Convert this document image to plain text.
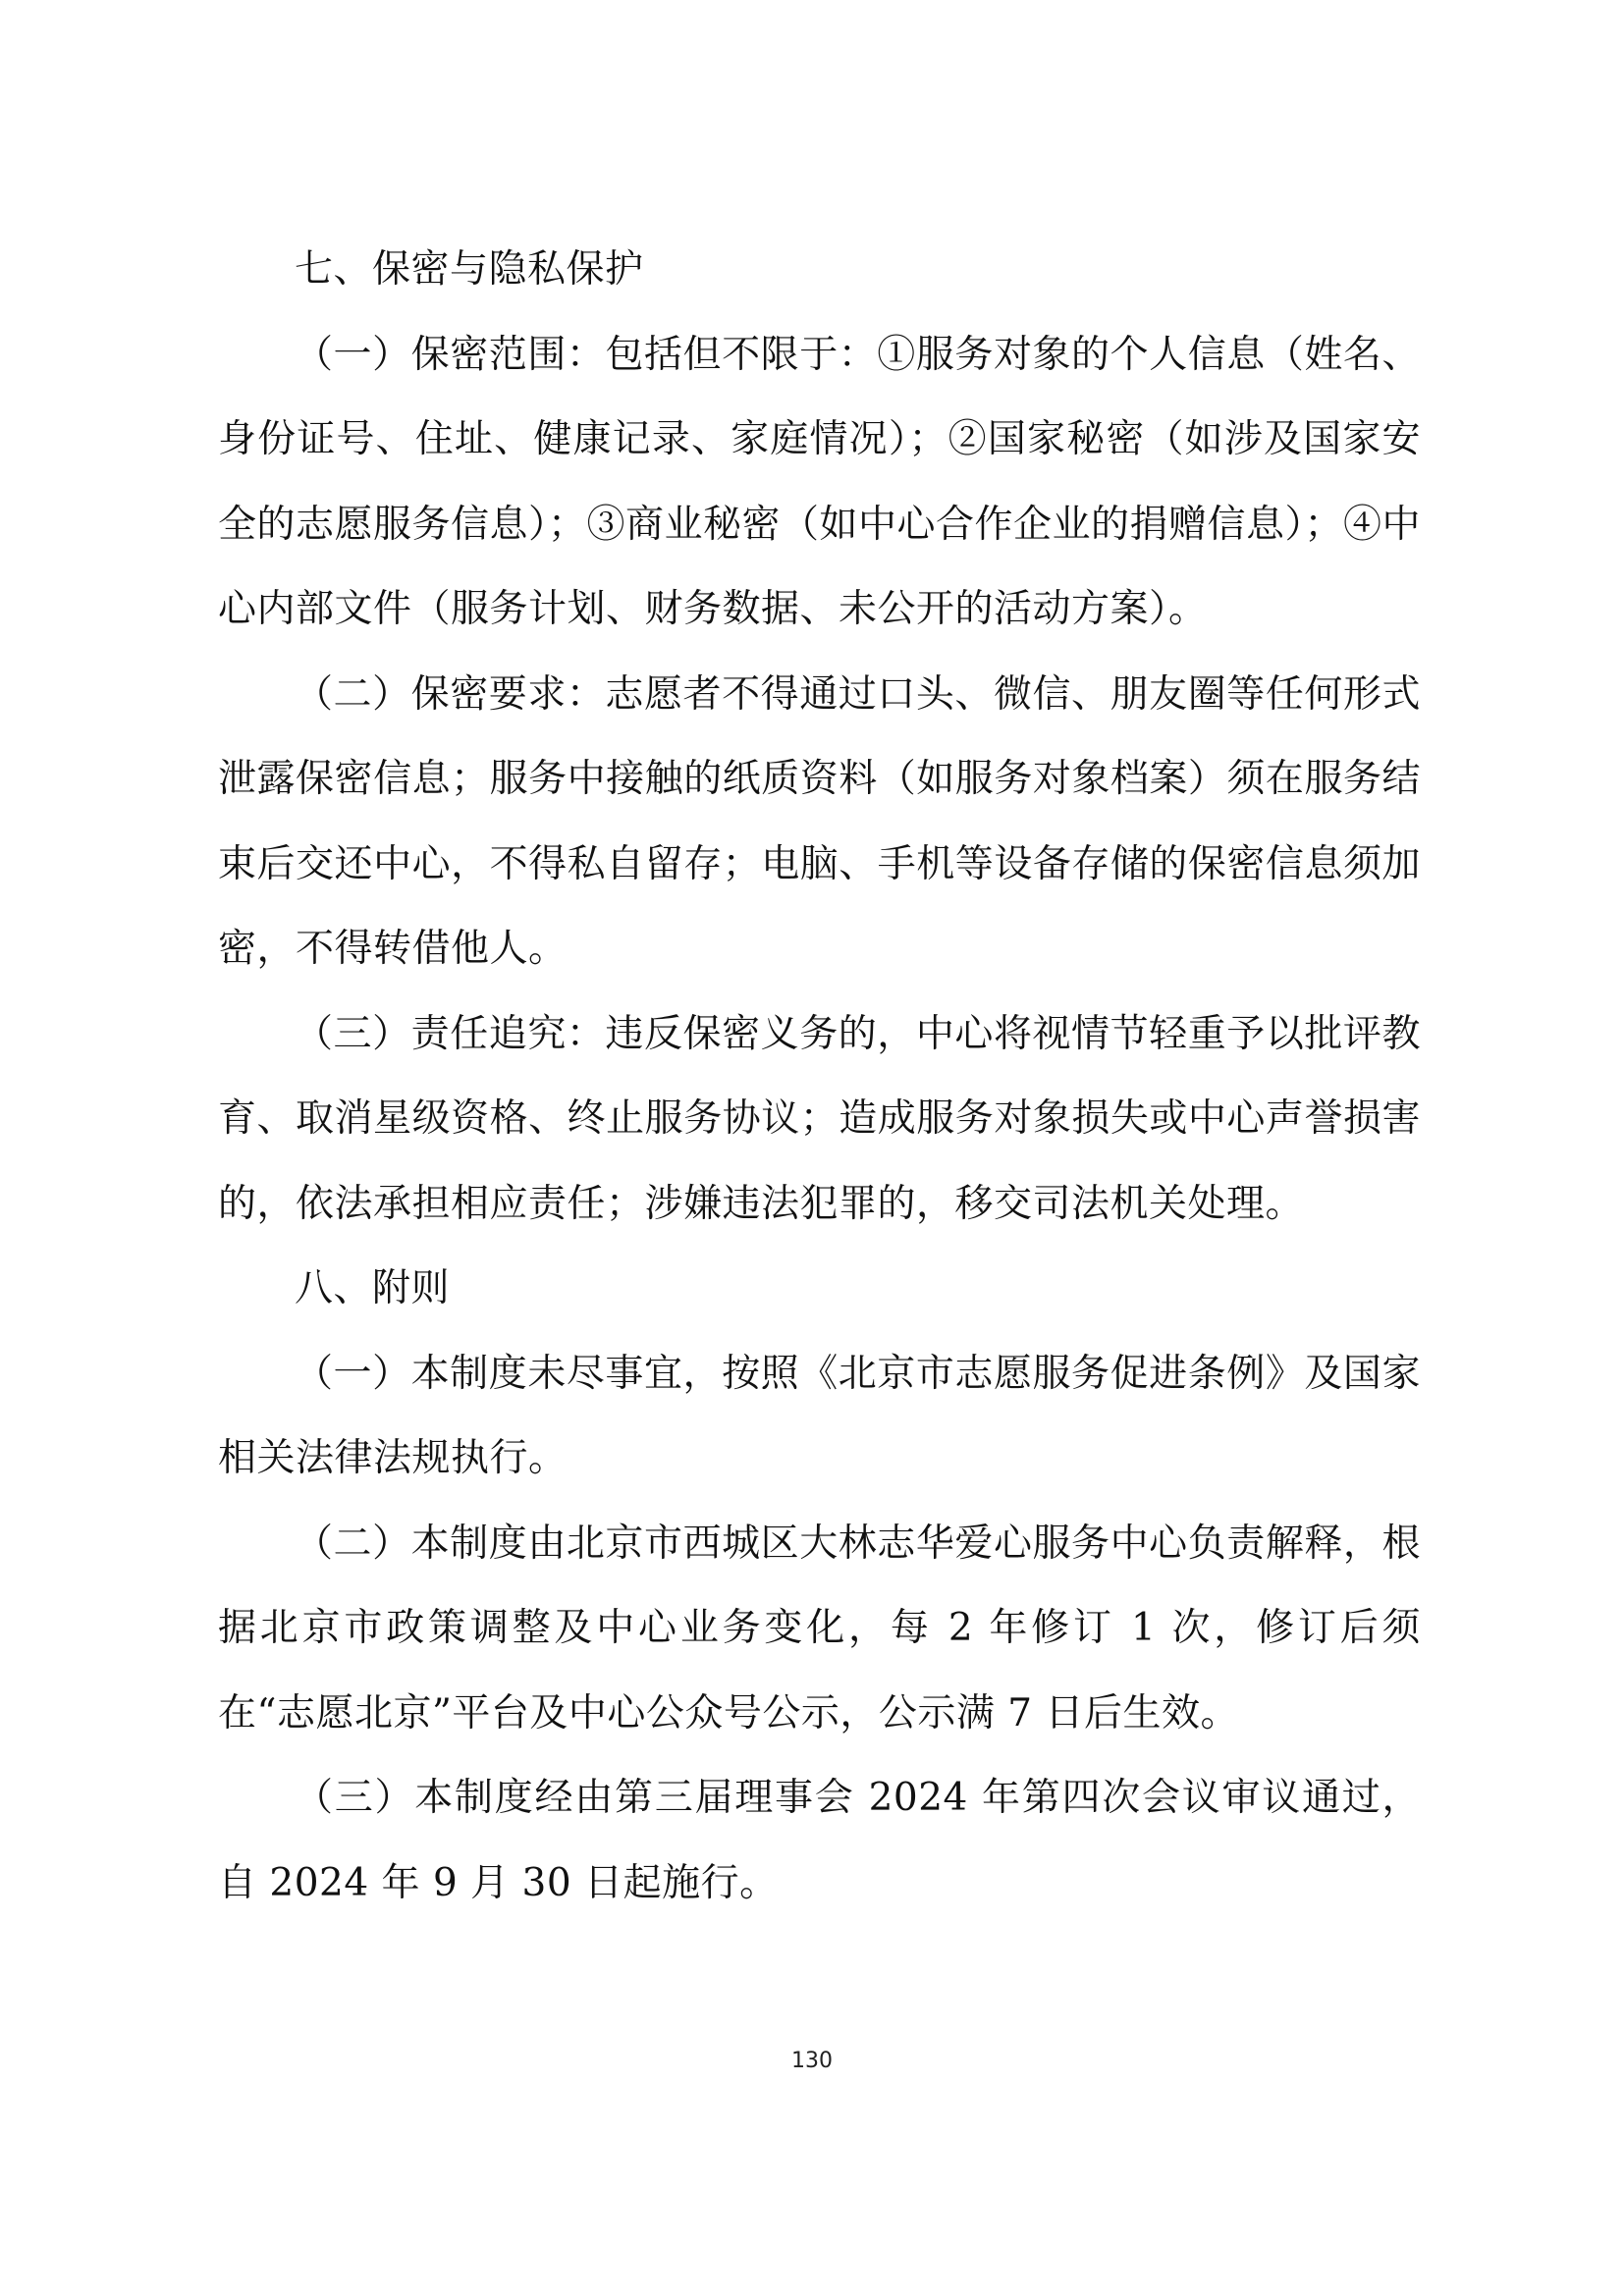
七、保密与隐私保护

（一）保密范围：包括但不限于：①服务对象的个人信息（姓名、身份证号、住址、健康记录、家庭情况）；②国家秘密（如涉及国家安全的志愿服务信息）；③商业秘密（如中心合作企业的捐赠信息）；④中心内部文件（服务计划、财务数据、未公开的活动方案）。

（二）保密要求：志愿者不得通过口头、微信、朋友圈等任何形式泄露保密信息；服务中接触的纸质资料（如服务对象档案）须在服务结束后交还中心，不得私自留存；电脑、手机等设备存储的保密信息须加密，不得转借他人。

（三）责任追究：违反保密义务的，中心将视情节轻重予以批评教育、取消星级资格、终止服务协议；造成服务对象损失或中心声誉损害的，依法承担相应责任；涉嫌违法犯罪的，移交司法机关处理。

八、附则

（一）本制度未尽事宜，按照《北京市志愿服务促进条例》及国家相关法律法规执行。

（二）本制度由北京市西城区大林志华爱心服务中心负责解释，根据北京市政策调整及中心业务变化，每 2 年修订 1 次，修订后须在“志愿北京”平台及中心公众号公示，公示满 7 日后生效。

（三）本制度经由第三届理事会 2024 年第四次会议审议通过，自 2024 年 9 月 30 日起施行。

130
